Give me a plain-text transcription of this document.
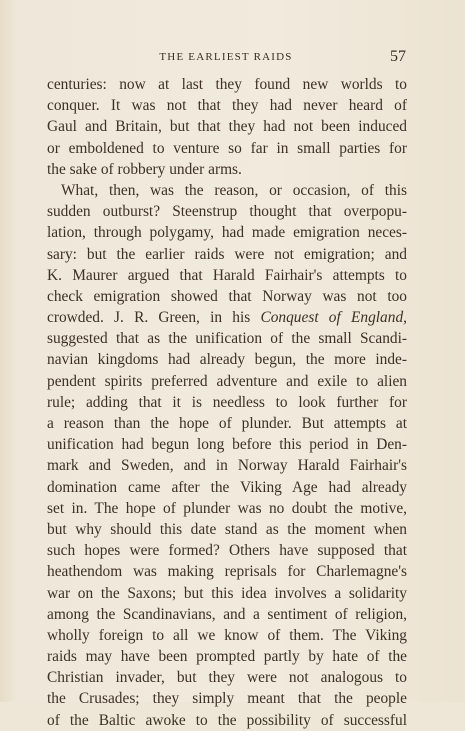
THE EARLIEST RAIDS	57
centuries: now at last they found new worlds to
conquer. It was not that they had never heard of
Gaul and Britain, but that they had not been induced
or emboldened to venture so far in small parties for
the sake of robbery under arms.
What, then, was the reason, or occasion, of this
sudden outburst? Steenstrup thought that overpopu-
lation, through polygamy, had made emigration neces-
sary: but the earlier raids were not emigration; and
K. Maurer argued that Harald Fairhair's attempts to
check emigration showed that Norway was not too
crowded. J. R. Green, in his Conquest of England,
suggested that as the unification of the small Scandi-
navian kingdoms had already begun, the more inde-
pendent spirits preferred adventure and exile to alien
rule; adding that it is needless to look further for
a reason than the hope of plunder. But attempts at
unification had begun long before this period in Den-
mark and Sweden, and in Norway Harald Fairhair's
domination came after the Viking Age had already
set in. The hope of plunder was no doubt the motive,
but why should this date stand as the moment when
such hopes were formed? Others have supposed that
heathendom was making reprisals for Charlemagne's
war on the Saxons; but this idea involves a solidarity
among the Scandinavians, and a sentiment of religion,
wholly foreign to all we know of them. The Viking
raids may have been prompted partly by hate of the
Christian invader, but they were not analogous to
the Crusades; they simply meant that the people
of the Baltic awoke to the possibility of successful
